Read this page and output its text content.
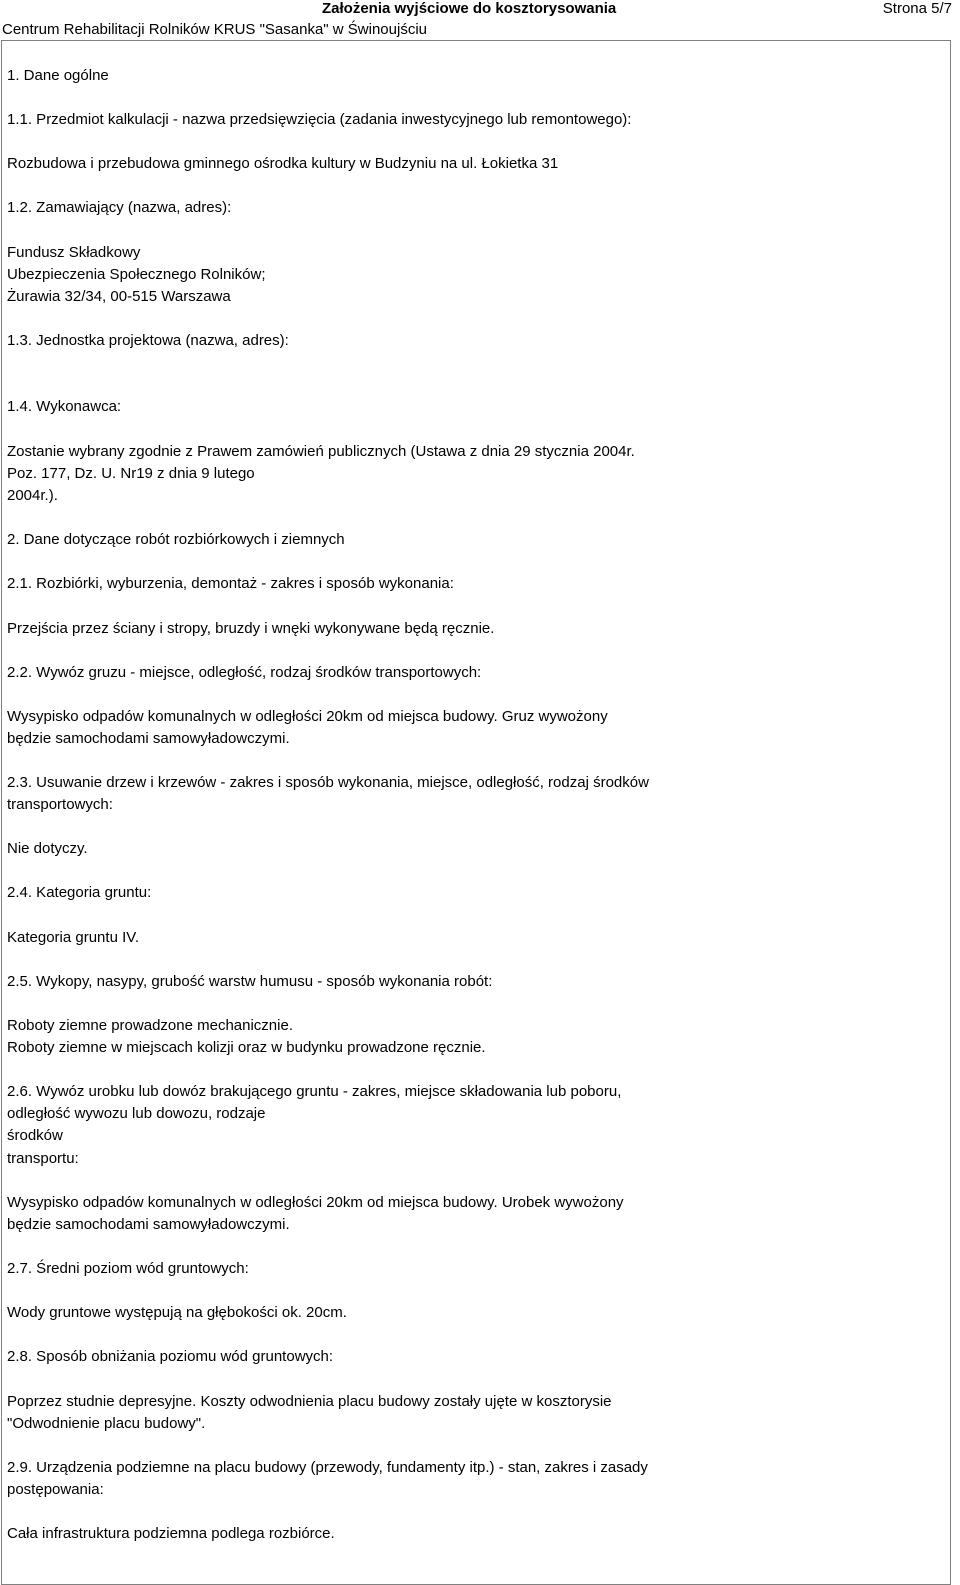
Założenia wyjściowe do kosztorysowania	Strona 5/7
Centrum Rehabilitacji Rolników KRUS "Sasanka" w Świnoujściu
1. Dane ogólne
1.1. Przedmiot kalkulacji - nazwa przedsięwzięcia (zadania inwestycyjnego lub remontowego):
Rozbudowa i przebudowa gminnego ośrodka kultury w Budzyniu na ul. Łokietka 31
1.2. Zamawiający (nazwa, adres):
Fundusz Składkowy
Ubezpieczenia Społecznego Rolników;
Żurawia 32/34, 00-515 Warszawa
1.3. Jednostka projektowa (nazwa, adres):
1.4. Wykonawca:
Zostanie wybrany zgodnie z Prawem zamówień publicznych (Ustawa z dnia 29 stycznia 2004r.
Poz. 177, Dz. U. Nr19 z dnia 9 lutego
2004r.).
2. Dane dotyczące robót rozbiórkowych i ziemnych
2.1. Rozbiórki, wyburzenia, demontaż - zakres i sposób wykonania:
Przejścia przez ściany i stropy, bruzdy i wnęki wykonywane będą ręcznie.
2.2. Wywóz gruzu - miejsce, odległość, rodzaj środków transportowych:
Wysypisko odpadów komunalnych w odległości 20km od miejsca budowy. Gruz wywożony
będzie samochodami samowyładowczymi.
2.3. Usuwanie drzew i krzewów - zakres i sposób wykonania, miejsce, odległość, rodzaj środków
transportowych:
Nie dotyczy.
2.4. Kategoria gruntu:
Kategoria gruntu IV.
2.5. Wykopy, nasypy, grubość warstw humusu - sposób wykonania robót:
Roboty ziemne prowadzone mechanicznie.
Roboty ziemne w miejscach kolizji oraz w budynku prowadzone ręcznie.
2.6. Wywóz urobku lub dowóz brakującego gruntu - zakres, miejsce składowania lub poboru,
odległość wywozu lub dowozu, rodzaje
środków
transportu:
Wysypisko odpadów komunalnych w odległości 20km od miejsca budowy. Urobek wywożony
będzie samochodami samowyładowczymi.
2.7. Średni poziom wód gruntowych:
Wody gruntowe występują na głębokości ok. 20cm.
2.8. Sposób obniżania poziomu wód gruntowych:
Poprzez studnie depresyjne. Koszty odwodnienia placu budowy zostały ujęte w kosztorysie
"Odwodnienie placu budowy".
2.9. Urządzenia podziemne na placu budowy (przewody, fundamenty itp.) - stan, zakres i zasady
postępowania:
Cała infrastruktura podziemna podlega rozbiórce.
